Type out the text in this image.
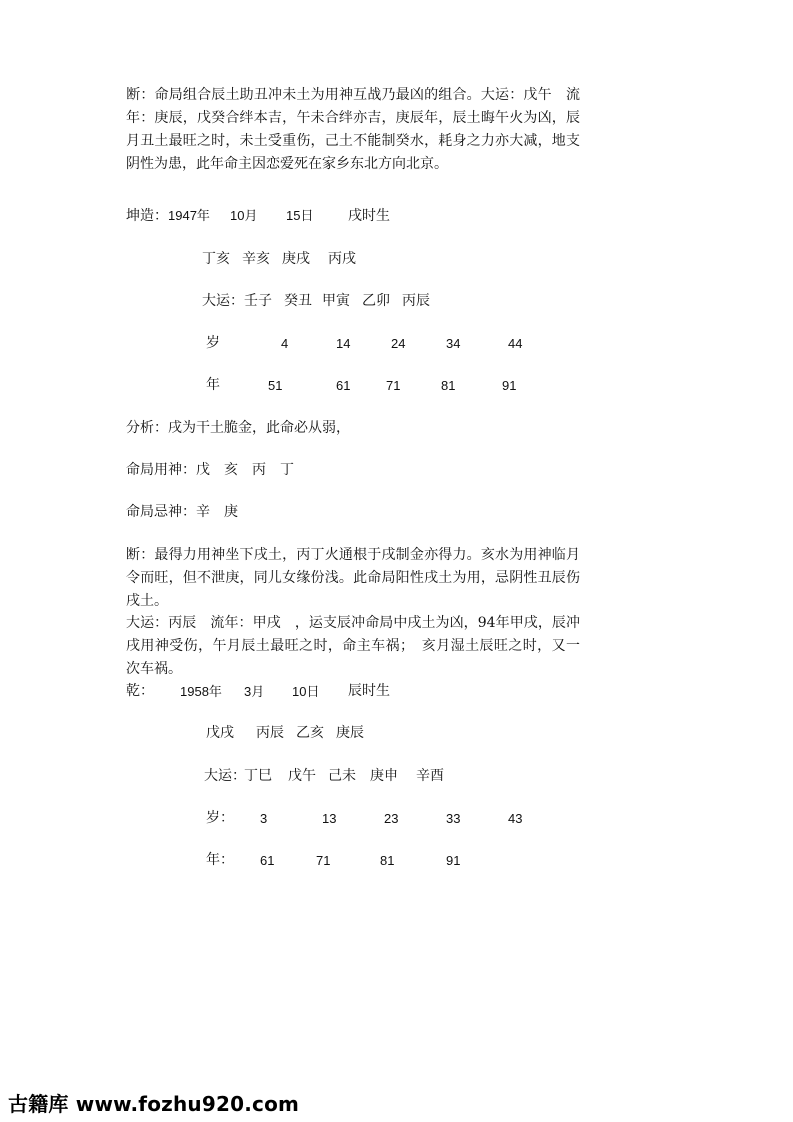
断：命局组合辰土助丑冲未土为用神互战乃最凶的组合。大运：戊午　流年：庚辰，戊癸合绊本吉，午未合绊亦吉，庚辰年，辰土晦午火为凶，辰月丑土最旺之时，未土受重伤，己土不能制癸水，耗身之力亦大减，地支阴性为患，此年命主因恋爱死在家乡东北方向北京。
坤造： 1947年 10月 15日 戌时生
丁亥 辛亥 庚戌 丙戌
大运： 壬子 癸丑 甲寅 乙卯 丙辰
岁	4	14	24	34	44
年	51	61	71	81	91
分析：戌为干土脆金，此命必从弱，
命局用神：戊　亥　丙　丁
命局忌神：辛　庚
断：最得力用神坐下戌土，丙丁火通根于戌制金亦得力。亥水为用神临月令而旺，但不泄庚，同儿女缘份浅。此命局阳性戌土为用，忌阴性丑辰伤戌土。
大运：丙辰　流年：甲戌　，运支辰冲命局中戌土为凶，94年甲戌，辰冲戌用神受伤，午月辰土最旺之时，命主车祸；　亥月湿土辰旺之时，又一次车祸。
乾： 1958年 3月 10日 辰时生
戊戌 丙辰 乙亥 庚辰
大运：
丁巳 戊午 己未 庚申 辛酉
岁： 3	13	23	33	43
年： 61	71	81	91
古籍库 www.fozhu920.com
